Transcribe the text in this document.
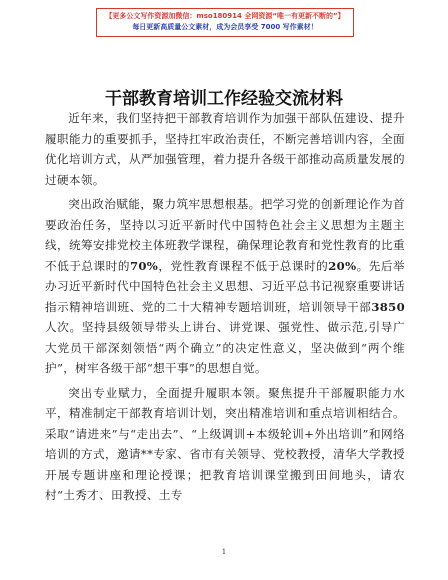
【更多公文写作资源加微信：mso180914 全网资源“唯一有更新不断的”】
每日更新高质量公文素材，成为会员享受 7000 写作素材！
干部教育培训工作经验交流材料

近年来，我们坚持把干部教育培训作为加强干部队伍建设、提升履职能力的重要抓手，坚持扛牢政治责任，不断完善培训内容，全面优化培训方式，从严加强管理，着力提升各级干部推动高质量发展的过硬本领。

突出政治赋能，聚力筑牢思想根基。把学习党的创新理论作为首要政治任务，坚持以习近平新时代中国特色社会主义思想为主题主线，统筹安排党校主体班教学课程，确保理论教育和党性教育的比重不低于总课时的70%，党性教育课程不低于总课时的20%。先后举办习近平新时代中国特色社会主义思想、习近平总书记视察重要讲话指示精神培训班、党的二十大精神专题培训班，培训领导干部3850人次。坚持县级领导带头上讲台、讲党课、强党性、做示范,引导广大党员干部深刻领悟“两个确立”的决定性意义，坚决做到“两个维护”，树牢各级干部“想干事”的思想自觉。

突出专业赋力，全面提升履职本领。聚焦提升干部履职能力水平，精准制定干部教育培训计划，突出精准培训和重点培训相结合。采取“请进来”与“走出去”、“上级调训+本级轮训+外出培训”和网络培训的方式，邀请**专家、省市有关领导、党校教授，清华大学教授开展专题讲座和理论授课；把教育培训课堂搬到田间地头，请农村“土秀才、田教授、土专

1
